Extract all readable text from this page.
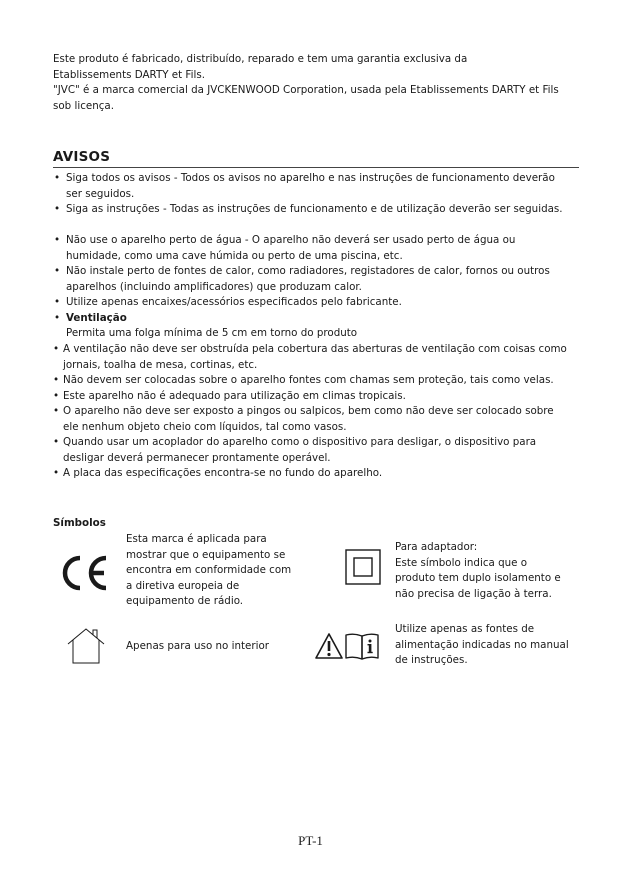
Este produto é fabricado, distribuído, reparado e tem uma garantia exclusiva da

Etablissements DARTY et Fils.

"JVC" é a marca comercial da JVCKENWOOD Corporation, usada pela Etablissements DARTY et Fils

sob licença.

AVISOS
• Siga todos os avisos - Todos os avisos no aparelho e nas instruções de funcionamento deverão
ser seguidos.
• Siga as instruções - Todas as instruções de funcionamento e de utilização deverão ser seguidas.
• Não use o aparelho perto de água - O aparelho não deverá ser usado perto de água ou
humidade, como uma cave húmida ou perto de uma piscina, etc.
• Não instale perto de fontes de calor, como radiadores, registadores de calor, fornos ou outros
aparelhos (incluindo amplificadores) que produzam calor.
• Utilize apenas encaixes/acessórios especificados pelo fabricante.
• Ventilação
Permita uma folga mínima de 5 cm em torno do produto
• A ventilação não deve ser obstruída pela cobertura das aberturas de ventilação com coisas como
jornais, toalha de mesa, cortinas, etc.
• Não devem ser colocadas sobre o aparelho fontes com chamas sem proteção, tais como velas.
• Este aparelho não é adequado para utilização em climas tropicais.
• O aparelho não deve ser exposto a pingos ou salpicos, bem como não deve ser colocado sobre
ele nenhum objeto cheio com líquidos, tal como vasos.
• Quando usar um acoplador do aparelho como o dispositivo para desligar, o dispositivo para
desligar deverá permanecer prontamente operável.
• A placa das especificações encontra-se no fundo do aparelho.
Símbolos
Esta marca é aplicada para
mostrar que o equipamento se
encontra em conformidade com
a diretiva europeia de
equipamento de rádio.
Para adaptador:
Este símbolo indica que o
produto tem duplo isolamento e
não precisa de ligação à terra.
Apenas para uso no interior
Utilize apenas as fontes de
alimentação indicadas no manual
de instruções.
PT-1
